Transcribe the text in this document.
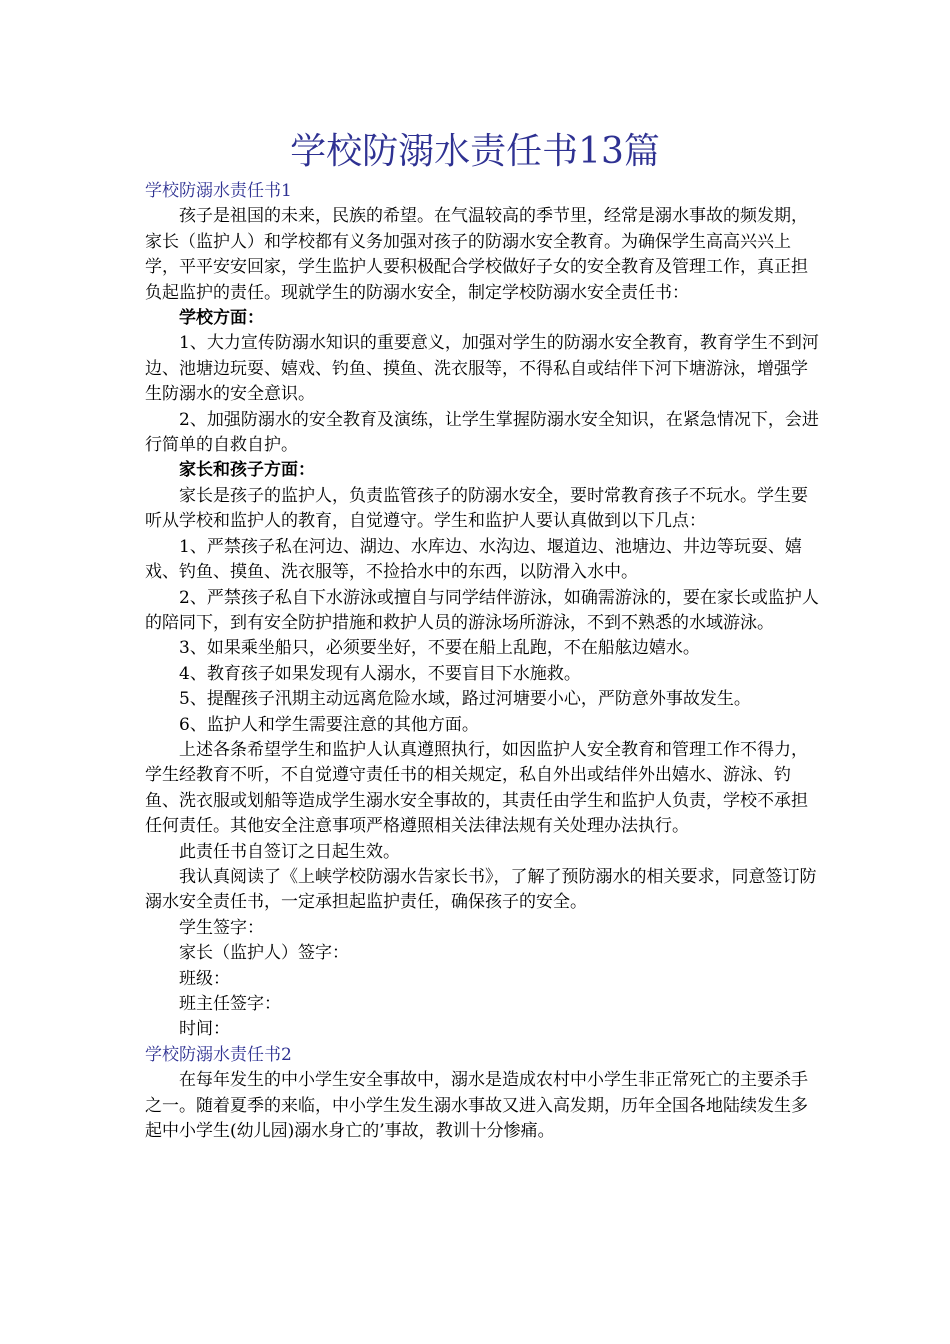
学校防溺水责任书13篇

学校防溺水责任书1

孩子是祖国的未来，民族的希望。在气温较高的季节里，经常是溺水事故的频发期，家长（监护人）和学校都有义务加强对孩子的防溺水安全教育。为确保学生高高兴兴上学，平平安安回家，学生监护人要积极配合学校做好子女的安全教育及管理工作，真正担负起监护的责任。现就学生的防溺水安全，制定学校防溺水安全责任书：

学校方面：

1、大力宣传防溺水知识的重要意义，加强对学生的防溺水安全教育，教育学生不到河边、池塘边玩耍、嬉戏、钓鱼、摸鱼、洗衣服等，不得私自或结伴下河下塘游泳，增强学生防溺水的安全意识。

2、加强防溺水的安全教育及演练，让学生掌握防溺水安全知识，在紧急情况下，会进行简单的自救自护。

家长和孩子方面：

家长是孩子的监护人，负责监管孩子的防溺水安全，要时常教育孩子不玩水。学生要听从学校和监护人的教育，自觉遵守。学生和监护人要认真做到以下几点：

1、严禁孩子私在河边、湖边、水库边、水沟边、堰道边、池塘边、井边等玩耍、嬉戏、钓鱼、摸鱼、洗衣服等，不捡拾水中的东西，以防滑入水中。

2、严禁孩子私自下水游泳或擅自与同学结伴游泳，如确需游泳的，要在家长或监护人的陪同下，到有安全防护措施和救护人员的游泳场所游泳，不到不熟悉的水域游泳。

3、如果乘坐船只，必须要坐好，不要在船上乱跑，不在船舷边嬉水。

4、教育孩子如果发现有人溺水，不要盲目下水施救。

5、提醒孩子汛期主动远离危险水域，路过河塘要小心，严防意外事故发生。

6、监护人和学生需要注意的其他方面。

上述各条希望学生和监护人认真遵照执行，如因监护人安全教育和管理工作不得力，学生经教育不听，不自觉遵守责任书的相关规定，私自外出或结伴外出嬉水、游泳、钓鱼、洗衣服或划船等造成学生溺水安全事故的，其责任由学生和监护人负责，学校不承担任何责任。其他安全注意事项严格遵照相关法律法规有关处理办法执行。

此责任书自签订之日起生效。

我认真阅读了《上峡学校防溺水告家长书》，了解了预防溺水的相关要求，同意签订防溺水安全责任书，一定承担起监护责任，确保孩子的安全。

学生签字：

家长（监护人）签字：

班级：

班主任签字：

时间：

学校防溺水责任书2

在每年发生的中小学生安全事故中，溺水是造成农村中小学生非正常死亡的主要杀手之一。随着夏季的来临，中小学生发生溺水事故又进入高发期，历年全国各地陆续发生多起中小学生(幼儿园)溺水身亡的’事故，教训十分惨痛。
